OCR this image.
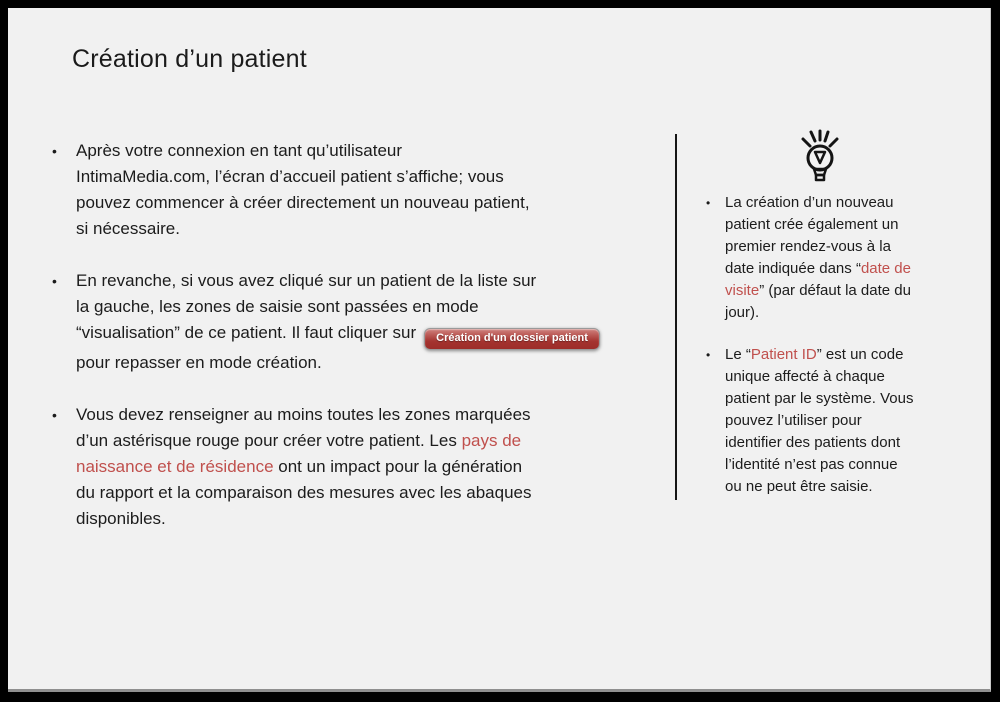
Création d’un patient
•	Après votre connexion en tant qu’utilisateur
IntimaMedia.com, l’écran d’accueil patient s’affiche; vous
pouvez commencer à créer directement un nouveau patient,
si nécessaire.
•	En revanche, si vous avez cliqué sur un patient de la liste sur
la gauche, les zones de saisie sont passées en mode
“visualisation” de ce patient. Il faut cliquer sur Création d'un dossier patient
pour repasser en mode création.
•	Vous devez renseigner au moins toutes les zones marquées
d’un astérisque rouge pour créer votre patient. Les pays de
naissance et de résidence ont un impact pour la génération
du rapport et la comparaison des mesures avec les abaques
disponibles.
• La création d’un nouveau
patient crée également un
premier rendez-vous à la
date indiquée dans “date de
visite” (par défaut la date du
jour).
• Le “Patient ID” est un code
unique affecté à chaque
patient par le système. Vous
pouvez l’utiliser pour
identifier des patients dont
l’identité n’est pas connue
ou ne peut être saisie.
